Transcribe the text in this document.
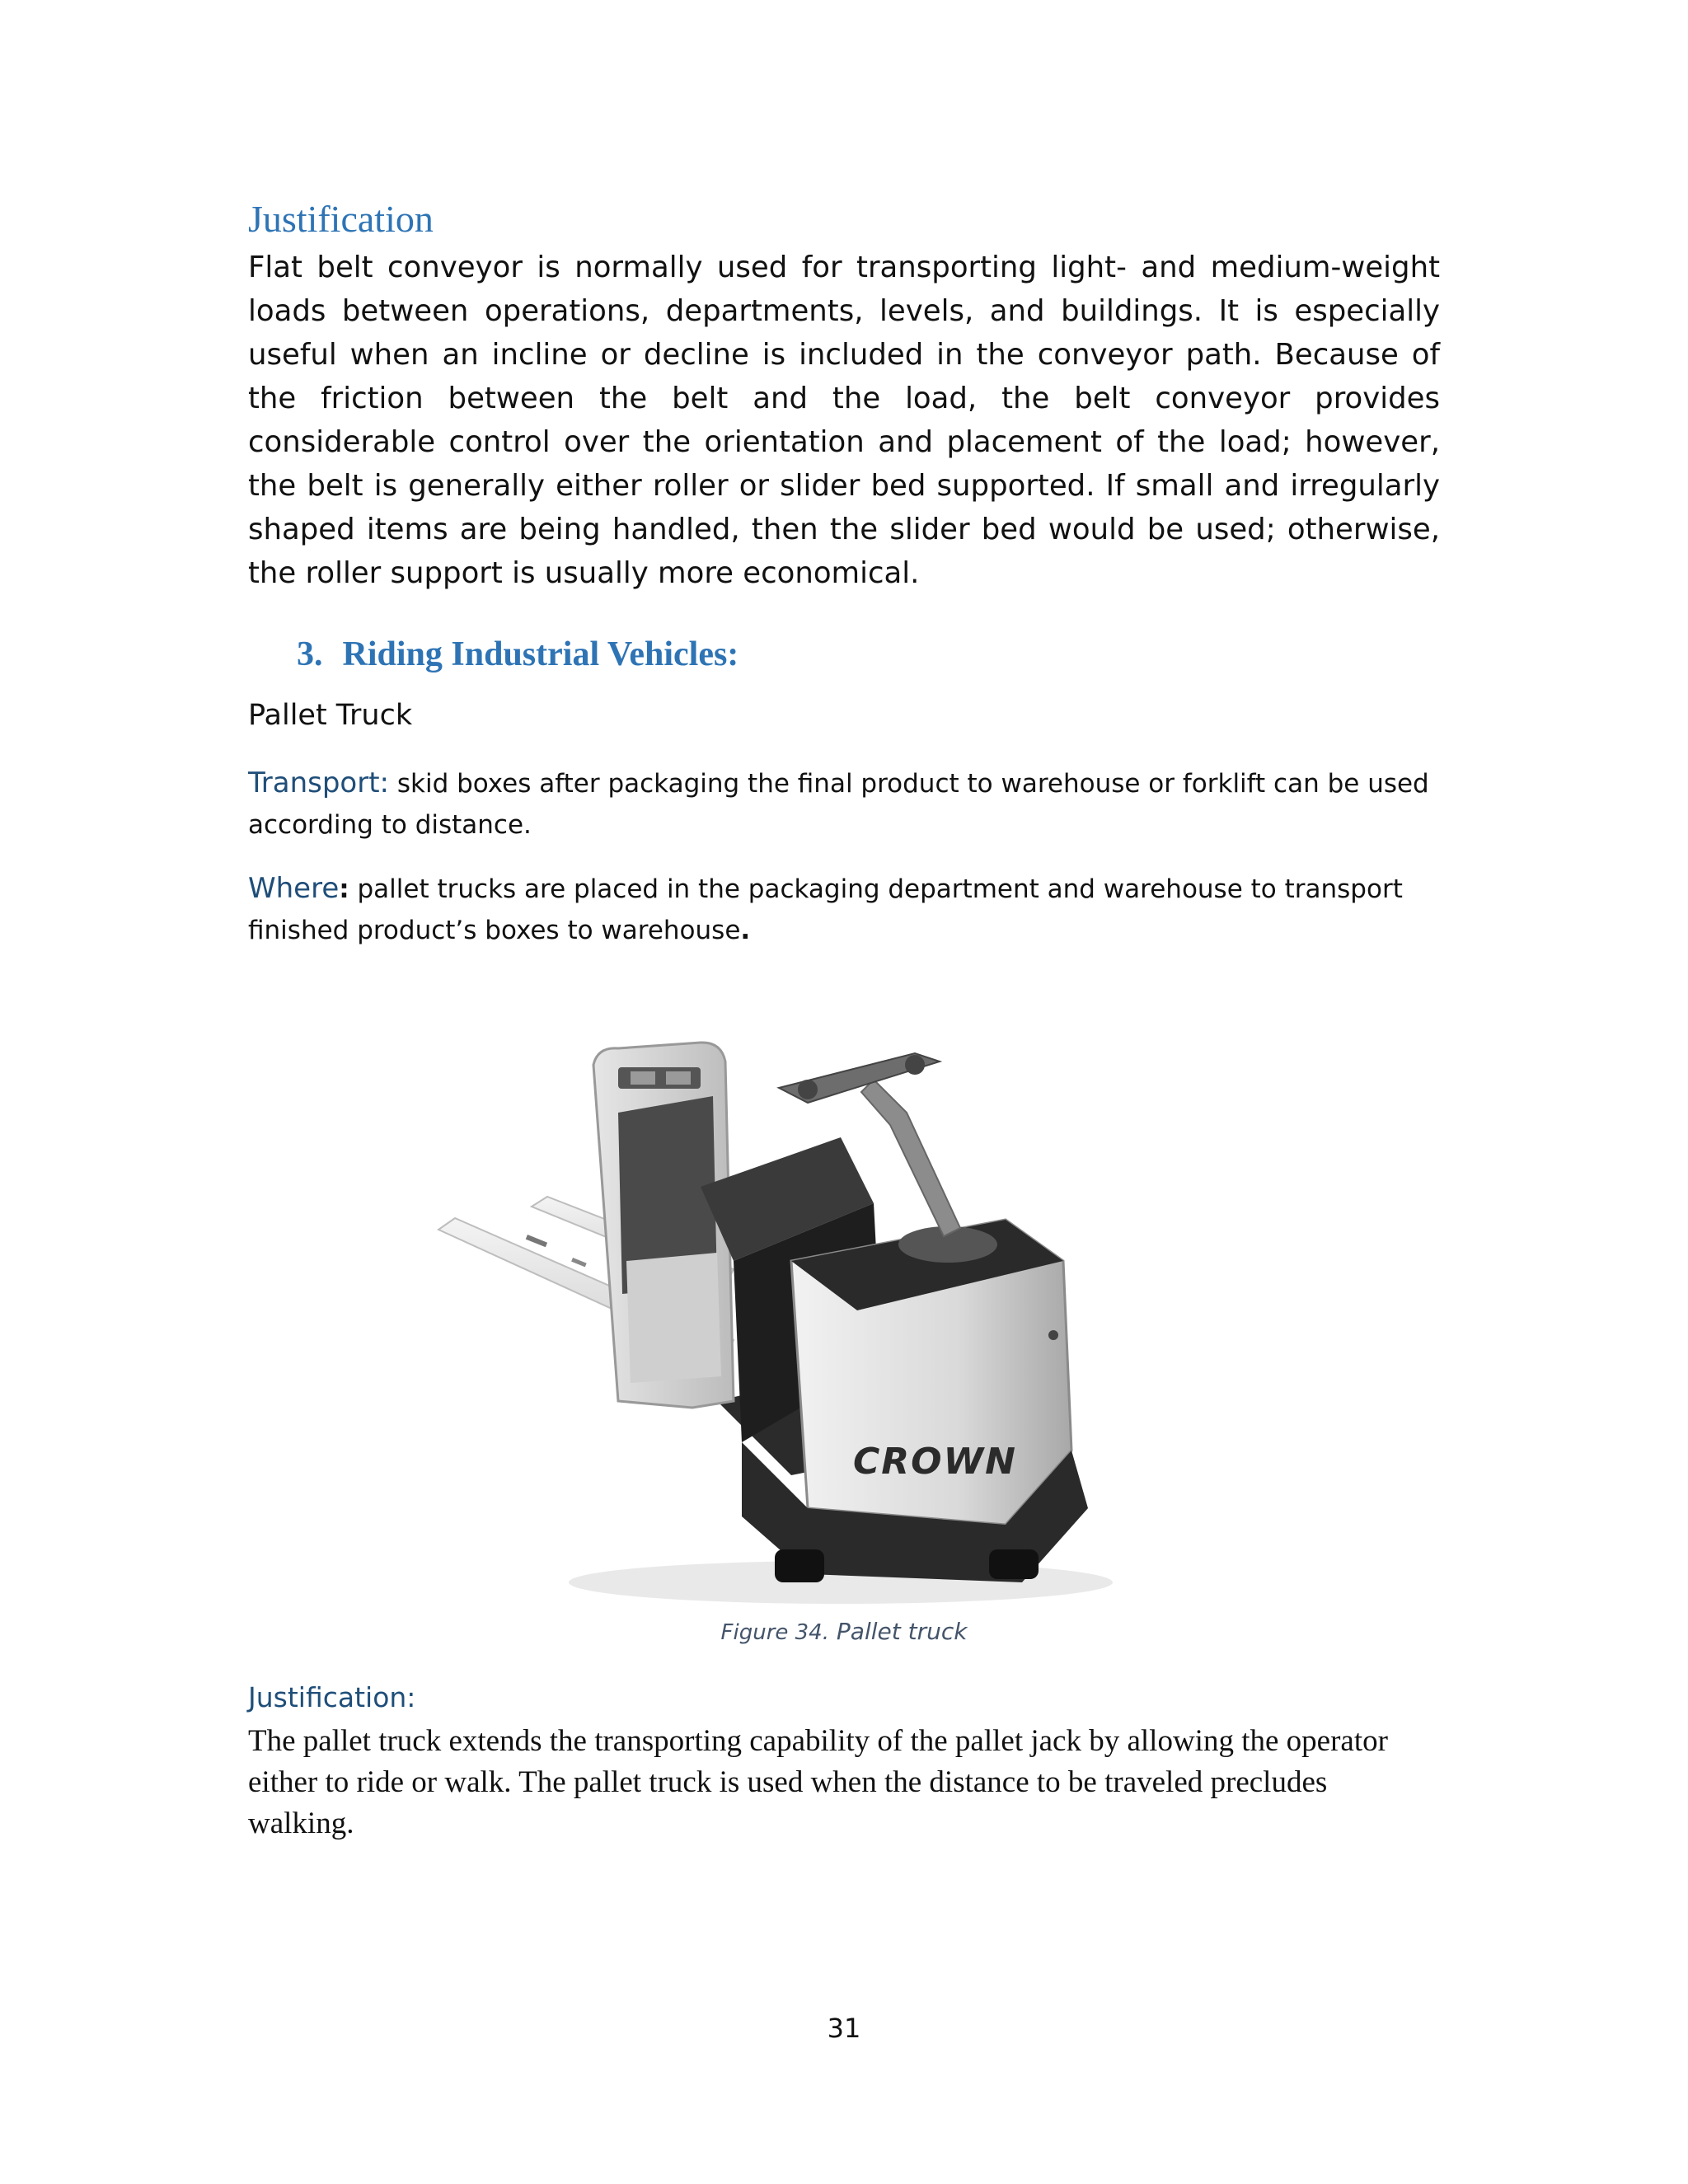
Justification

Flat belt conveyor is normally used for transporting light- and medium-weight loads between operations, departments, levels, and buildings. It is especially useful when an incline or decline is included in the conveyor path. Because of the friction between the belt and the load, the belt conveyor provides considerable control over the orientation and placement of the load; however, the belt is generally either roller or slider bed supported. If small and irregularly shaped items are being handled, then the slider bed would be used; otherwise, the roller support is usually more economical.

3. Riding Industrial Vehicles:

Pallet Truck

Transport: skid boxes after packaging the final product to warehouse or forklift can be used according to distance.

Where: pallet trucks are placed in the packaging department and warehouse to transport finished product’s boxes to warehouse.

CROWN

Figure 34. Pallet truck

Justification:

The pallet truck extends the transporting capability of the pallet jack by allowing the operator either to ride or walk. The pallet truck is used when the distance to be traveled precludes walking.

31
